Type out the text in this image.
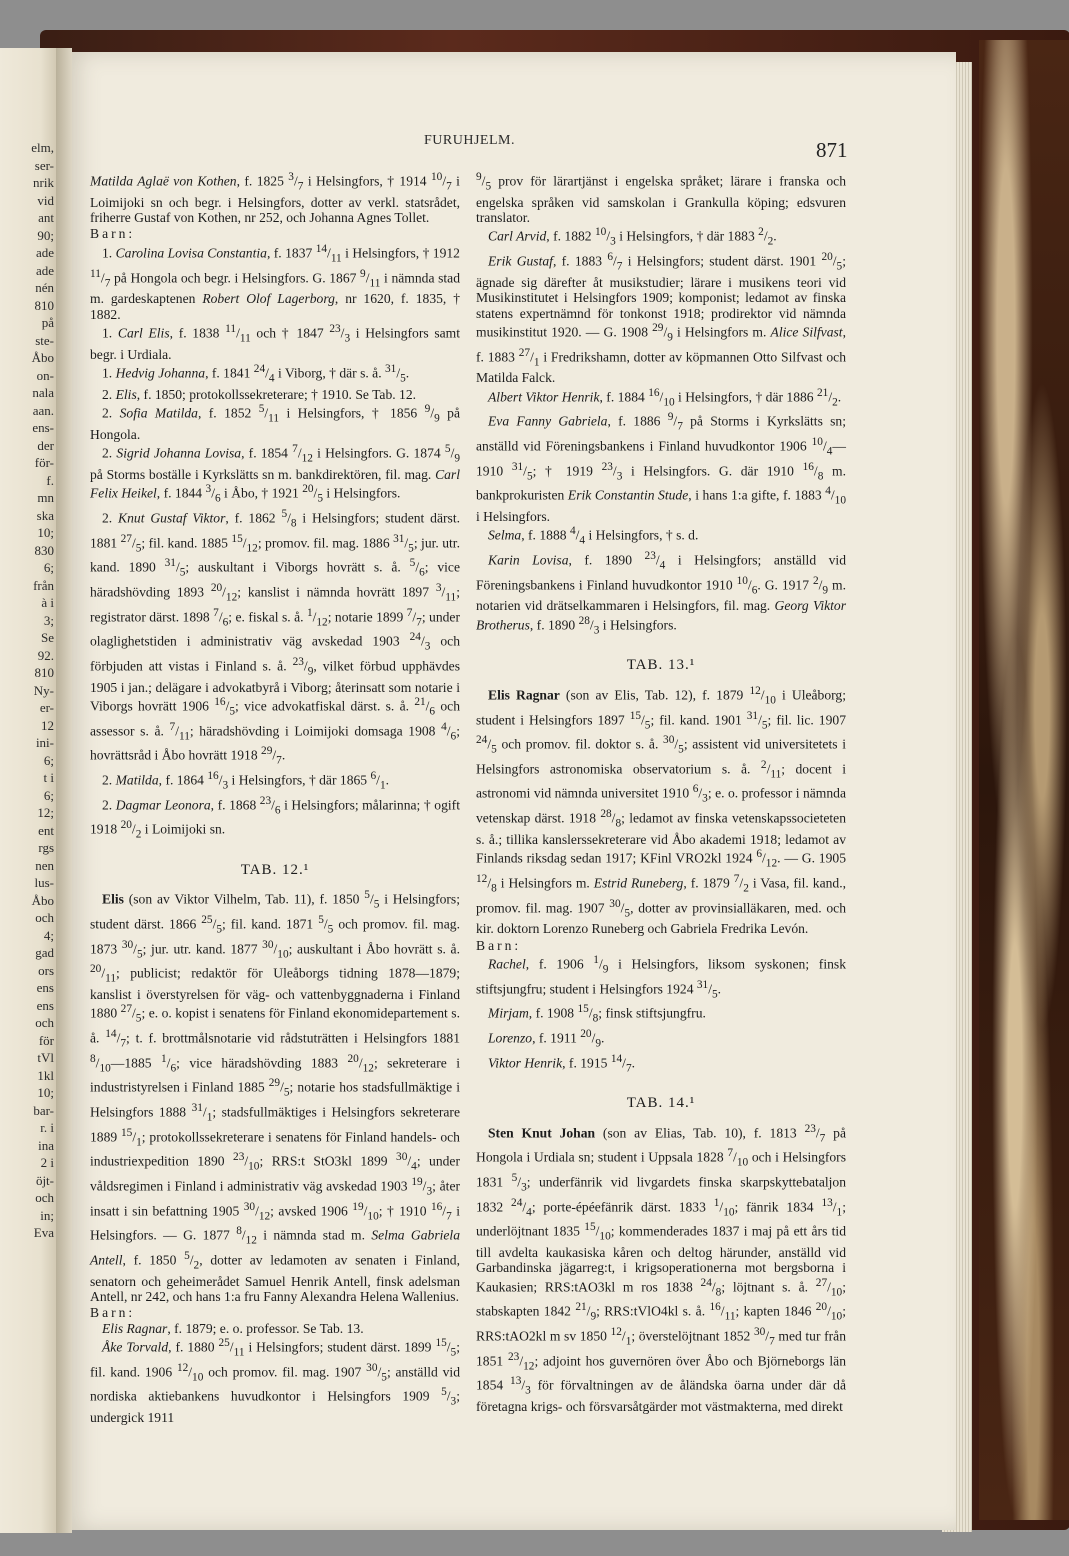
elm,
ser-
nrik
vid
ant
90;
ade
ade
nén
810
på
ste-
Åbo
on-
nala
aan.
ens-
der
för-
f.
mn
ska
10;
830
6;
från
à i
3;
Se
92.
810
Ny-
er-
12
ini-
6;
t i
6;
12;
ent
rgs
nen
lus-
Åbo
och
4;
gad
ors
ens
ens
och
för
tVl
1kl
10;
bar-
r. i
ina
2 i
öjt-
och
in;
Eva
FURUHJELM.	871

Matilda Aglaë von Kothen, f. 1825 $^3/_7$ i Helsingfors, † 1914 $^{10}/_7$ i Loimijoki sn och begr. i Helsingfors, dotter av verkl. statsrådet, friherre Gustaf von Kothen, nr 252, och Johanna Agnes Tollet.

Barn:

1. Carolina Lovisa Constantia, f. 1837 $^{14}/_{11}$ i Helsingfors, † 1912 $^{11}/_7$ på Hongola och begr. i Helsingfors. G. 1867 $^9/_{11}$ i nämnda stad m. gardeskaptenen Robert Olof Lagerborg, nr 1620, f. 1835, † 1882.

1. Carl Elis, f. 1838 $^{11}/_{11}$ och † 1847 $^{23}/_3$ i Helsingfors samt begr. i Urdiala.

1. Hedvig Johanna, f. 1841 $^{24}/_4$ i Viborg, † där s. å. $^{31}/_5$.

2. Elis, f. 1850; protokollssekreterare; † 1910. Se Tab. 12.

2. Sofia Matilda, f. 1852 $^5/_{11}$ i Helsingfors, † 1856 $^9/_9$ på Hongola.

2. Sigrid Johanna Lovisa, f. 1854 $^7/_{12}$ i Helsingfors. G. 1874 $^5/_9$ på Storms boställe i Kyrkslätts sn m. bankdirektören, fil. mag. Carl Felix Heikel, f. 1844 $^3/_6$ i Åbo, † 1921 $^{20}/_5$ i Helsingfors.

2. Knut Gustaf Viktor, f. 1862 $^5/_8$ i Helsingfors; student därst. 1881 $^{27}/_5$; fil. kand. 1885 $^{15}/_{12}$; promov. fil. mag. 1886 $^{31}/_5$; jur. utr. kand. 1890 $^{31}/_5$; auskultant i Viborgs hovrätt s. å. $^5/_6$; vice häradshövding 1893 $^{20}/_{12}$; kanslist i nämnda hovrätt 1897 $^3/_{11}$; registrator därst. 1898 $^7/_6$; e. fiskal s. å. $^1/_{12}$; notarie 1899 $^7/_7$; under olaglighetstiden i administrativ väg avskedad 1903 $^{24}/_3$ och förbjuden att vistas i Finland s. å. $^{23}/_9$, vilket förbud upphävdes 1905 i jan.; delägare i advokatbyrå i Viborg; återinsatt som notarie i Viborgs hovrätt 1906 $^{16}/_5$; vice advokatfiskal därst. s. å. $^{21}/_6$ och assessor s. å. $^7/_{11}$; häradshövding i Loimijoki domsaga 1908 $^4/_6$; hovrättsråd i Åbo hovrätt 1918 $^{29}/_7$.

2. Matilda, f. 1864 $^{16}/_3$ i Helsingfors, † där 1865 $^6/_1$.

2. Dagmar Leonora, f. 1868 $^{23}/_6$ i Helsingfors; målarinna; † ogift 1918 $^{20}/_2$ i Loimijoki sn.

TAB. 12.¹

Elis (son av Viktor Vilhelm, Tab. 11), f. 1850 $^5/_5$ i Helsingfors; student därst. 1866 $^{25}/_5$; fil. kand. 1871 $^5/_5$ och promov. fil. mag. 1873 $^{30}/_5$; jur. utr. kand. 1877 $^{30}/_{10}$; auskultant i Åbo hovrätt s. å. $^{20}/_{11}$; publicist; redaktör för Uleåborgs tidning 1878—1879; kanslist i överstyrelsen för väg- och vattenbyggnaderna i Finland 1880 $^{27}/_5$; e. o. kopist i senatens för Finland ekonomidepartement s. å. $^{14}/_7$; t. f. brottmålsnotarie vid rådstuträtten i Helsingfors 1881 $^8/_{10}—1885$ $^1/_6$; vice häradshövding 1883 $^{20}/_{12}$; sekreterare i industristyrelsen i Finland 1885 $^{29}/_5$; notarie hos stadsfullmäktige i Helsingfors 1888 $^{31}/_1$; stadsfullmäktiges i Helsingfors sekreterare 1889 $^{15}/_1$; protokollssekreterare i senatens för Finland handels- och industriexpedition 1890 $^{23}/_{10}$; RRS:t StO3kl 1899 $^{30}/_4$; under våldsregimen i Finland i administrativ väg avskedad 1903 $^{19}/_3$; åter insatt i sin befattning 1905 $^{30}/_{12}$; avsked 1906 $^{19}/_{10}$; † 1910 $^{16}/_7$ i Helsingfors. — G. 1877 $^8/_{12}$ i nämnda stad m. Selma Gabriela Antell, f. 1850 $^5/_2$, dotter av ledamoten av senaten i Finland, senatorn och geheimerådet Samuel Henrik Antell, finsk adelsman Antell, nr 242, och hans 1:a fru Fanny Alexandra Helena Wallenius.

Barn:

Elis Ragnar, f. 1879; e. o. professor. Se Tab. 13.

Åke Torvald, f. 1880 $^{25}/_{11}$ i Helsingfors; student därst. 1899 $^{15}/_5$; fil. kand. 1906 $^{12}/_{10}$ och promov. fil. mag. 1907 $^{30}/_5$; anställd vid nordiska aktiebankens huvudkontor i Helsingfors 1909 $^5/_3$; undergick 1911

$^9/_5$ prov för lärartjänst i engelska språket; lärare i franska och engelska språken vid samskolan i Grankulla köping; edsvuren translator.

Carl Arvid, f. 1882 $^{10}/_3$ i Helsingfors, † där 1883 $^2/_2$.

Erik Gustaf, f. 1883 $^6/_7$ i Helsingfors; student därst. 1901 $^{20}/_5$; ägnade sig därefter åt musikstudier; lärare i musikens teori vid Musikinstitutet i Helsingfors 1909; komponist; ledamot av finska statens expertnämnd för tonkonst 1918; prodirektor vid nämnda musikinstitut 1920. — G. 1908 $^{29}/_9$ i Helsingfors m. Alice Silfvast, f. 1883 $^{27}/_1$ i Fredrikshamn, dotter av köpmannen Otto Silfvast och Matilda Falck.

Albert Viktor Henrik, f. 1884 $^{16}/_{10}$ i Helsingfors, † där 1886 $^{21}/_2$.

Eva Fanny Gabriela, f. 1886 $^9/_7$ på Storms i Kyrkslätts sn; anställd vid Föreningsbankens i Finland huvudkontor 1906 $^{10}/_4—1910$ $^{31}/_5$; † 1919 $^{23}/_3$ i Helsingfors. G. där 1910 $^{16}/_8$ m. bankprokuristen Erik Constantin Stude, i hans 1:a gifte, f. 1883 $^4/_{10}$ i Helsingfors.

Selma, f. 1888 $^4/_4$ i Helsingfors, † s. d.

Karin Lovisa, f. 1890 $^{23}/_4$ i Helsingfors; anställd vid Föreningsbankens i Finland huvudkontor 1910 $^{10}/_6$. G. 1917 $^2/_9$ m. notarien vid drätselkammaren i Helsingfors, fil. mag. Georg Viktor Brotherus, f. 1890 $^{28}/_3$ i Helsingfors.

TAB. 13.¹

Elis Ragnar (son av Elis, Tab. 12), f. 1879 $^{12}/_{10}$ i Uleåborg; student i Helsingfors 1897 $^{15}/_5$; fil. kand. 1901 $^{31}/_5$; fil. lic. 1907 $^{24}/_5$ och promov. fil. doktor s. å. $^{30}/_5$; assistent vid universitetets i Helsingfors astronomiska observatorium s. å. $^2/_{11}$; docent i astronomi vid nämnda universitet 1910 $^6/_3$; e. o. professor i nämnda vetenskap därst. 1918 $^{28}/_8$; ledamot av finska vetenskapssocieteten s. å.; tillika kanslerssekreterare vid Åbo akademi 1918; ledamot av Finlands riksdag sedan 1917; KFinl VRO2kl 1924 $^6/_{12}$. — G. 1905 $^{12}/_8$ i Helsingfors m. Estrid Runeberg, f. 1879 $^7/_2$ i Vasa, fil. kand., promov. fil. mag. 1907 $^{30}/_5$, dotter av provinsialläkaren, med. och kir. doktorn Lorenzo Runeberg och Gabriela Fredrika Levón.

Barn:

Rachel, f. 1906 $^1/_9$ i Helsingfors, liksom syskonen; finsk stiftsjungfru; student i Helsingfors 1924 $^{31}/_5$.

Mirjam, f. 1908 $^{15}/_8$; finsk stiftsjungfru.

Lorenzo, f. 1911 $^{20}/_9$.

Viktor Henrik, f. 1915 $^{14}/_7$.

TAB. 14.¹

Sten Knut Johan (son av Elias, Tab. 10), f. 1813 $^{23}/_7$ på Hongola i Urdiala sn; student i Uppsala 1828 $^7/_{10}$ och i Helsingfors 1831 $^5/_3$; underfänrik vid livgardets finska skarpskyttebataljon 1832 $^{24}/_4$; porte-épéefänrik därst. 1833 $^1/_{10}$; fänrik 1834 $^{13}/_1$; underlöjtnant 1835 $^{15}/_{10}$; kommenderades 1837 i maj på ett års tid till avdelta kaukasiska kåren och deltog härunder, anställd vid Garbandinska jägarreg:t, i krigsoperationerna mot bergsborna i Kaukasien; RRS:tAO3kl m ros 1838 $^{24}/_8$; löjtnant s. å. $^{27}/_{10}$; stabskapten 1842 $^{21}/_9$; RRS:tVlO4kl s. å. $^{16}/_{11}$; kapten 1846 $^{20}/_{10}$; RRS:tAO2kl m sv 1850 $^{12}/_1$; överstelöjtnant 1852 $^{30}/_7$ med tur från 1851 $^{23}/_{12}$; adjoint hos guvernören över Åbo och Björneborgs län 1854 $^{13}/_3$ för förvaltningen av de åländska öarna under där då företagna krigs- och försvarsåtgärder mot västmakterna, med direkt
